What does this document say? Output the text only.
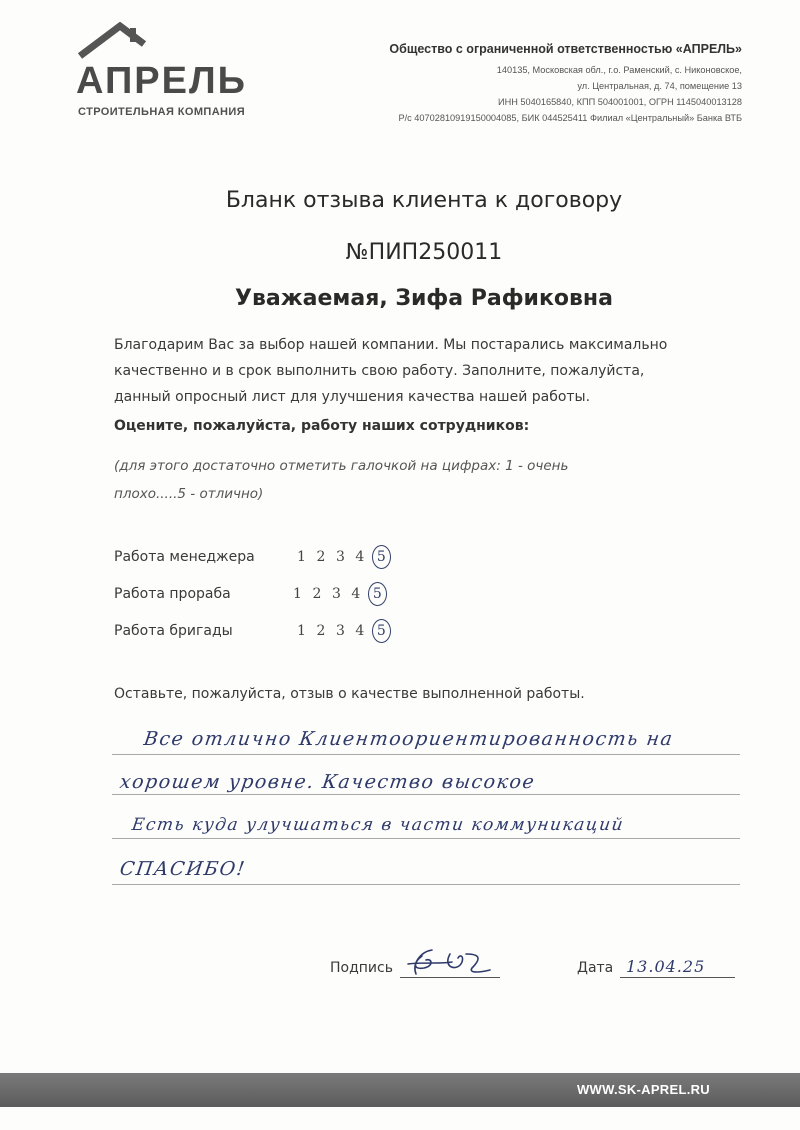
АПРЕЛЬ
СТРОИТЕЛЬНАЯ КОМПАНИЯ
Общество с ограниченной ответственностью «АПРЕЛЬ»
140135, Московская обл., г.о. Раменский, с. Никоновское,
ул. Центральная, д. 74, помещение 13
ИНН 5040165840, КПП 504001001, ОГРН 1145040013128
Р/с 40702810919150004085, БИК 044525411 Филиал «Центральный» Банка ВТБ
Бланк отзыва клиента к договору
№ПИП250011
Уважаемая, Зифа Рафиковна
Благодарим Вас за выбор нашей компании. Мы постарались максимально
качественно и в срок выполнить свою работу. Заполните, пожалуйста,
данный опросный лист для улучшения качества нашей работы.
Оцените, пожалуйста, работу наших сотрудников:
(для этого достаточно отметить галочкой на цифрах: 1 - очень
плохо.....5 - отлично)
Работа менеджера	1 2 3 4 5
Работа прораба	1 2 3 4 5
Работа бригады	1 2 3 4 5
Оставьте, пожалуйста, отзыв о качестве выполненной работы.
Все отлично Клиентоориентированность на
хорошем уровне. Качество высокое
Есть куда улучшаться в части коммуникаций
СПАСИБО!
Подпись	Дата 13.04.25
WWW.SK-APREL.RU
